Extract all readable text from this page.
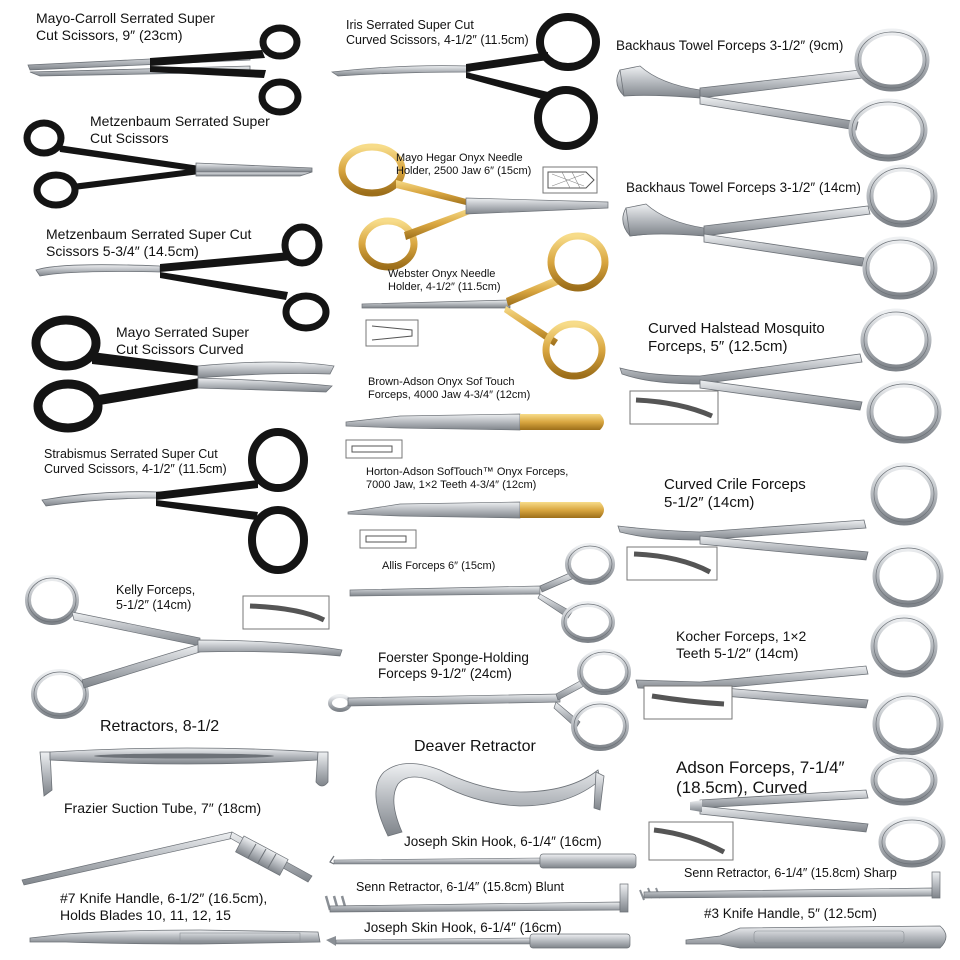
Mayo-Carroll Serrated Super
Cut Scissors, 9″ (23cm)
Metzenbaum Serrated Super
Cut Scissors
Metzenbaum Serrated Super Cut
Scissors 5-3/4″ (14.5cm)
Mayo Serrated Super
Cut Scissors Curved
Strabismus Serrated Super Cut
Curved Scissors, 4-1/2″ (11.5cm)
Kelly Forceps,
5-1/2″ (14cm)
Retractors, 8-1/2
Frazier Suction Tube, 7″ (18cm)
#7 Knife Handle, 6-1/2″ (16.5cm),
Holds Blades 10, 11, 12, 15
Iris Serrated Super Cut
Curved Scissors, 4-1/2″ (11.5cm)
Mayo Hegar Onyx Needle
Holder, 2500 Jaw 6″ (15cm)
Webster Onyx Needle
Holder, 4-1/2″ (11.5cm)
Brown-Adson Onyx Sof Touch
Forceps, 4000 Jaw 4-3/4″ (12cm)
Horton-Adson SofTouch™ Onyx Forceps,
7000 Jaw, 1×2 Teeth 4-3/4″ (12cm)
Allis Forceps 6″ (15cm)
Foerster Sponge-Holding
Forceps 9-1/2″ (24cm)
Deaver Retractor
Joseph Skin Hook, 6-1/4″ (16cm)
Senn Retractor, 6-1/4″ (15.8cm) Blunt
Joseph Skin Hook, 6-1/4″ (16cm)
Backhaus Towel Forceps 3-1/2″ (9cm)
Backhaus Towel Forceps 3-1/2″ (14cm)
Curved Halstead Mosquito
Forceps, 5″ (12.5cm)
Curved Crile Forceps
5-1/2″ (14cm)
Kocher Forceps, 1×2
Teeth 5-1/2″ (14cm)
Adson Forceps, 7-1/4″
(18.5cm), Curved
Senn Retractor, 6-1/4″ (15.8cm) Sharp
#3 Knife Handle, 5″ (12.5cm)
